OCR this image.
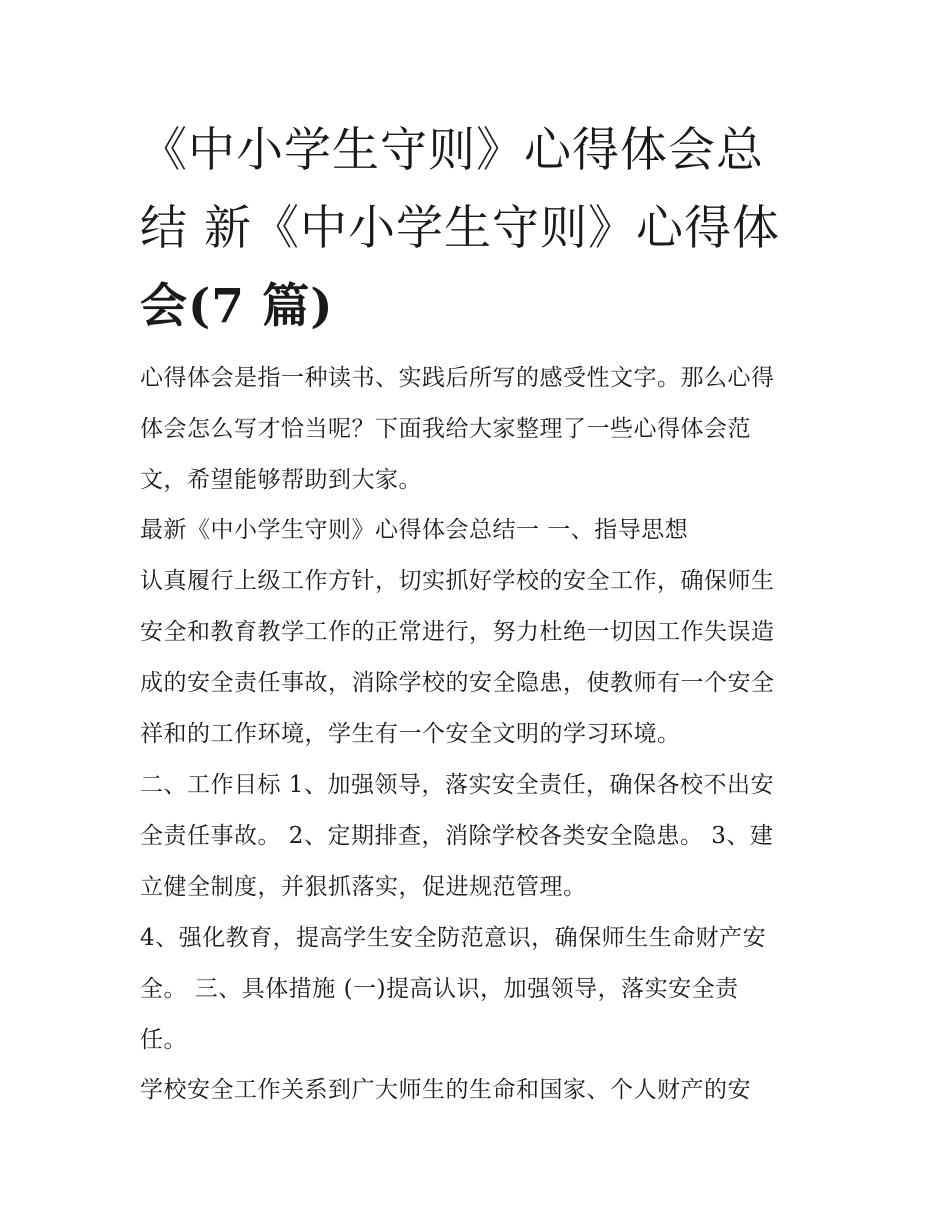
《中小学生守则》心得体会总
结 新《中小学生守则》心得体
会(7 篇)

心得体会是指一种读书、实践后所写的感受性文字。那么心得
体会怎么写才恰当呢？下面我给大家整理了一些心得体会范
文，希望能够帮助到大家。

最新《中小学生守则》心得体会总结一 一、指导思想

认真履行上级工作方针，切实抓好学校的安全工作，确保师生
安全和教育教学工作的正常进行，努力杜绝一切因工作失误造
成的安全责任事故，消除学校的安全隐患，使教师有一个安全
祥和的工作环境，学生有一个安全文明的学习环境。

二、工作目标 1、加强领导，落实安全责任，确保各校不出安
全责任事故。 2、定期排查，消除学校各类安全隐患。 3、建
立健全制度，并狠抓落实，促进规范管理。

4、强化教育，提高学生安全防范意识，确保师生生命财产安
全。 三、具体措施 (一)提高认识，加强领导，落实安全责
任。

学校安全工作关系到广大师生的生命和国家、个人财产的安
